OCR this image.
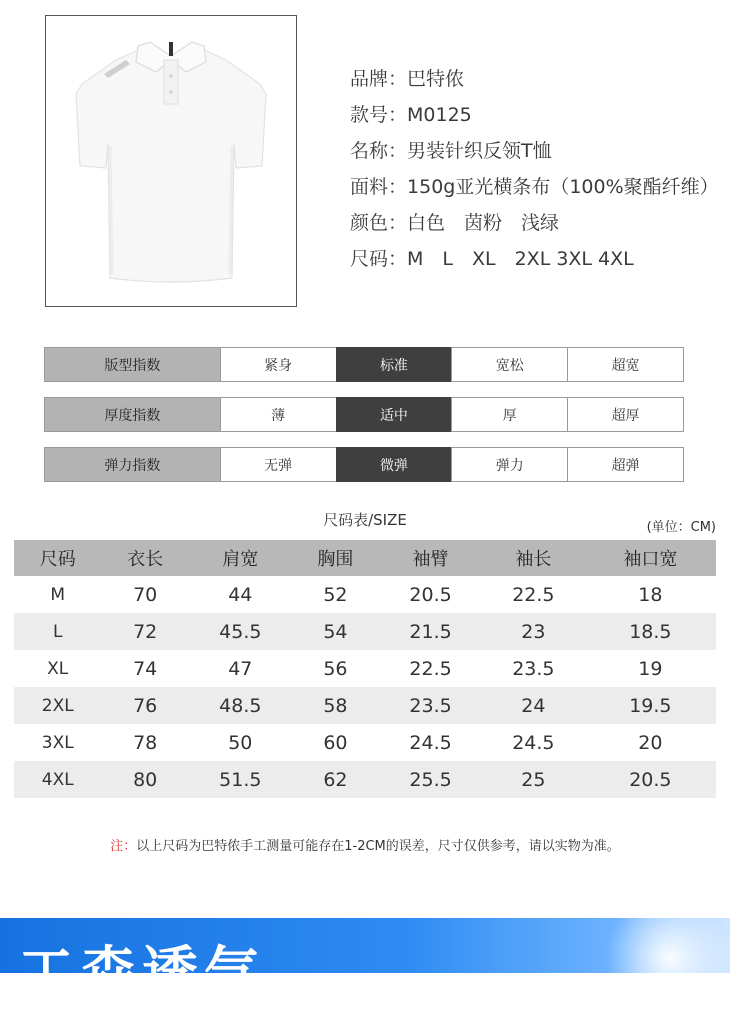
品牌：巴特侬
款号：M0125
名称：男装针织反领T恤
面料：150g亚光横条布（100%聚酯纤维）
颜色：白色　茵粉　浅绿
尺码：M　L　XL　2XL 3XL 4XL
版型指数	紧身	标准	宽松	超宽
厚度指数	薄	适中	厚	超厚
弹力指数	无弹	微弹	弹力	超弹
尺码表/SIZE	(单位：CM)
尺码	衣长	肩宽	胸围	袖臂	袖长	袖口宽
M	70	44	52	20.5	22.5	18
L	72	45.5	54	21.5	23	18.5
XL	74	47	56	22.5	23.5	19
2XL	76	48.5	58	23.5	24	19.5
3XL	78	50	60	24.5	24.5	20
4XL	80	51.5	62	25.5	25	20.5
注：以上尺码为巴特侬手工测量可能存在1-2CM的误差，尺寸仅供参考，请以实物为准。
工森透气
